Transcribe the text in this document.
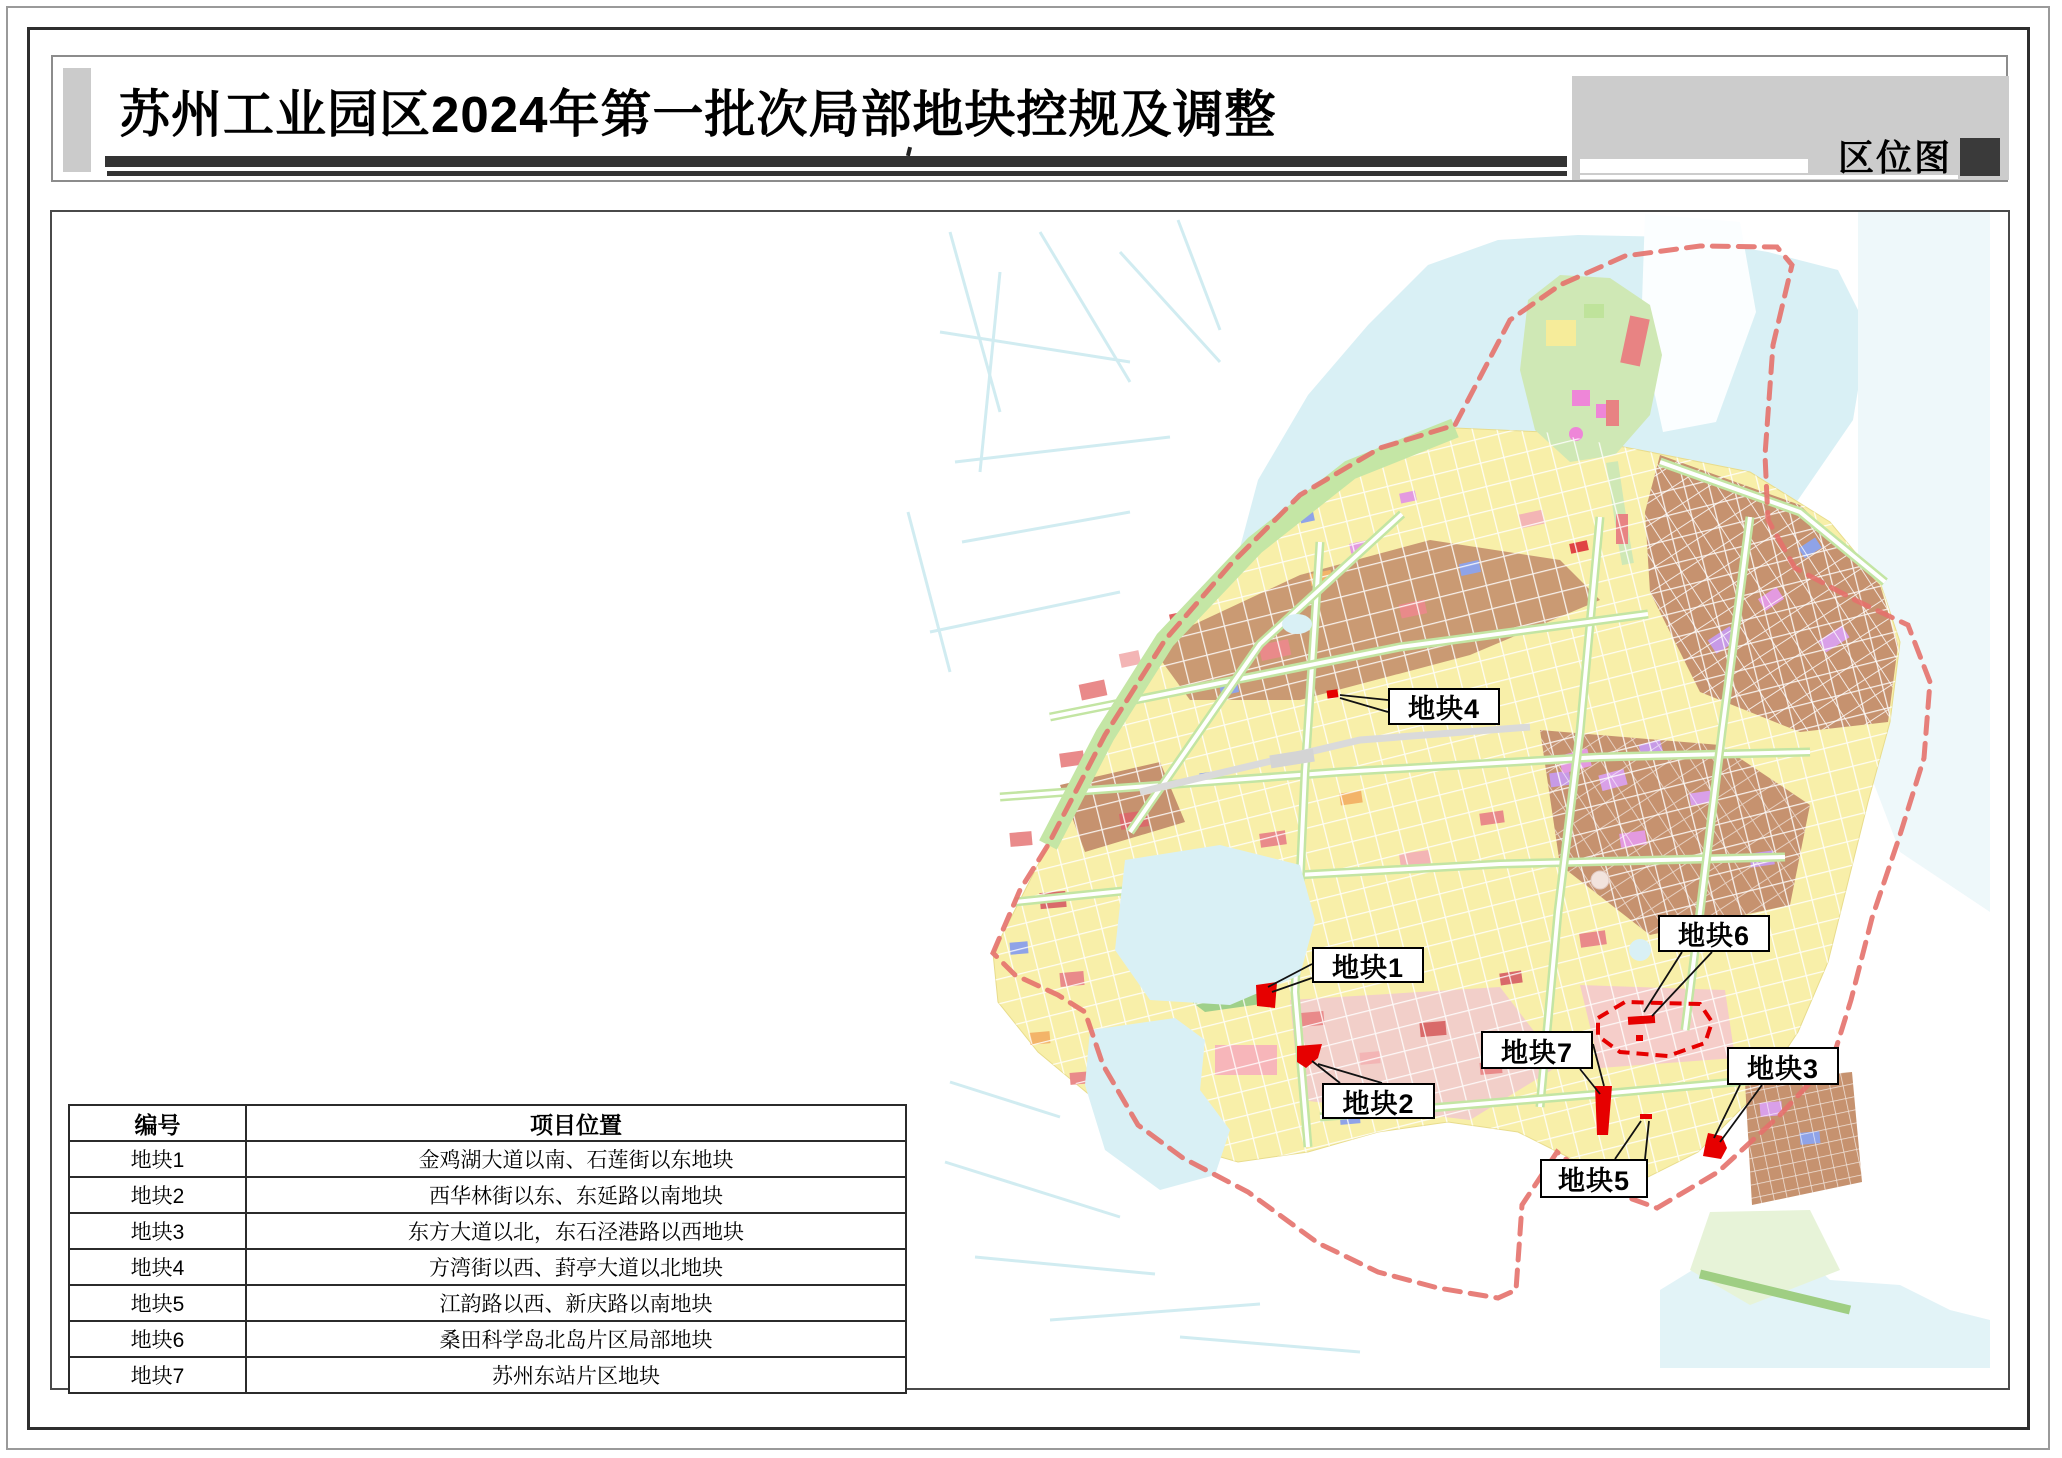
苏州工业园区2024年第一批次局部地块控规及调整
区位图
地块1
地块2
地块3
地块4
地块5
地块6
地块7
编号	项目位置
地块1	金鸡湖大道以南、石莲街以东地块
地块2	西华林街以东、东延路以南地块
地块3	东方大道以北，东石泾港路以西地块
地块4	方湾街以西、葑亭大道以北地块
地块5	江韵路以西、新庆路以南地块
地块6	桑田科学岛北岛片区局部地块
地块7	苏州东站片区地块
